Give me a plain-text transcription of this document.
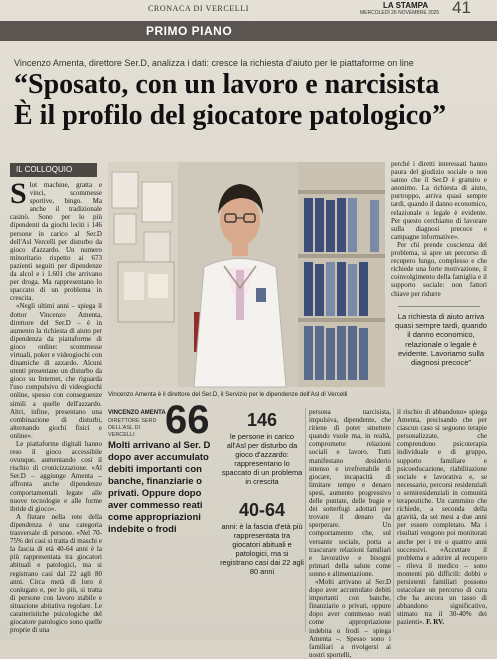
CRONACA DI VERCELLI	LA STAMPA
MERCOLEDÌ 26 NOVEMBRE 2025 41
PRIMO PIANO
Vincenzo Amenta, direttore Ser.D, analizza i dati: cresce la richiesta d'aiuto per le piattaforme on line
“Sposato, con un lavoro e narcisista
È il profilo del giocatore patologico”
IL COLLOQUIO

Slot machine, gratta e vinci, scommesse sportive, bingo. Ma anche il tradizionale casinò. Sono per lo più dipendenti da giochi leciti i 146 persone in carico al Ser.D dell'Asl Vercelli per disturbo da gioco d'azzardo. Un numero minoritario rispetto ai 673 pazienti seguiti per dipendenze da alcol e i 1.601 che arrivano per droga. Ma rappresentano lo spaccato di un problema in crescita.

«Negli ultimi anni – spiega il dottor Vincenzo Amenta, direttore del Ser.D – è in aumento la richiesta di aiuto per dipendenza da piattaforme di gioco online: scommesse virtuali, poker e videogiochi con dinamiche di azzardo. Alcuni utenti presentano un disturbo da gioco su Internet, che riguarda l'uso compulsivo di videogiochi online, spesso con conseguenze simili a quelle dell'azzardo. Altri, infine, presentano una combinazione di disturbi, alternando giochi fisici e online».

Le piattaforme digitali hanno reso il gioco accessibile ovunque, aumentando così il rischio di cronicizzazione. «Al Ser.D – aggiunge Amenta – affronta anche dipendenze comportamentali legate alle nuove tecnologie e alle forme ibride di gioco».

A fiutare nella rete della dipendenza è una categoria trasversale di persone. «Nel 70-75% dei casi si tratta di maschi e la fascia di età 40-64 anni è la più rappresentata tra giocatori abituali e patologici, ma si registrano casi dal 22 agli 80 anni. Circa metà di loro è coniugato e, per lo più, si tratta di persone con lavoro stabile e situazione abitativa regolare. Le caratteristiche psicologiche del giocatore patologico sono quelle proprie di una

Vincenzo Amenta è il direttore del Ser.D, il Servizio per le dipendenze dell'Asl di Vercelli

perché i diretti interessati hanno paura del giudizio sociale o non sanno che il Ser.D è gratuito e anonimo. La richiesta di aiuto, purtroppo, arriva quasi sempre tardi, quando il danno economico, relazionale o legale è evidente. Per questo cerchiamo di lavorare sulla diagnosi precoce e campagne informative».

Per chi prende coscienza del problema, si apre un percorso di recupero lungo, complesso e che richiede una forte motivazione, il coinvolgimento della famiglia e il supporto sociale: non fattori chiave per ridurre

La richiesta di aiuto arriva quasi sempre tardi, quando il danno economico, relazionale o legale è evidente. Lavoriamo sulla diagnosi precoce”
VINCENZO AMENTA
DIRETTORE SERD DELL'ASL DI VERCELLI 66
Molti arrivano al Ser. D dopo aver accumulato debiti importanti con banche, finanziarie o privati. Oppure dopo aver commesso reati come appropriazioni indebite o frodi
146
le persone in carico all'Asl per disturbo da gioco d'azzardo: rappresentano lo spaccato di un problema in crescita
40-64
anni: è la fascia d'età più rappresentata tra giocatori abituali e patologici, ma si registrano casi dai 22 agli 80 anni

persona narcisista, impulsiva, dipendente, che ritiene di poter smettere quando vuole ma, in realtà, compromette relazioni sociali e lavoro. Tutti manifestano desiderio intenso e irrefrenabile di giocare, incapacità di limitare tempo e denaro spesi, aumento progressivo delle puntate, delle bugie e dei sotterfugi adottati per trovare il denaro da sperperare. Un comportamento che, sul versante sociale, porta a trascurare relazioni familiari e lavorative e bisogni primari della salute come sonno e alimentazione.

«Molti arrivano al Ser.D dopo aver accumulato debiti importanti con banche, finanziarie o privati, oppure dopo aver commesso reati come appropriazione indebita o frodi – spiega Amenta –. Spesso sono i familiari a rivolgersi ai nostri sportelli,

il rischio di abbandono» spiega Amenta, precisando che per ciascun caso si seguono terapie personalizzate, che comprendono psicoterapia individuale e di gruppo, supporto familiare e psicoeducazione, riabilitazione sociale e lavorativa e, se necessario, percorsi residenziali o semiresidenziali in comunità terapeutiche. Un cammino che richiede, a seconda della gravità, da sei mesi a due anni per essere completato. Ma i risultati vengono poi monitorati anche per i tre o quattro anni successivi. «Accettare il problema e aderire al recupero – rileva il medico – sono momenti più difficili: dobbi e persistenti familiari possono ostacolare un percorso di cura che ha ancora un tasso di abbandono significativo, stimato tra il 30-40% dei pazienti». F. RV.
